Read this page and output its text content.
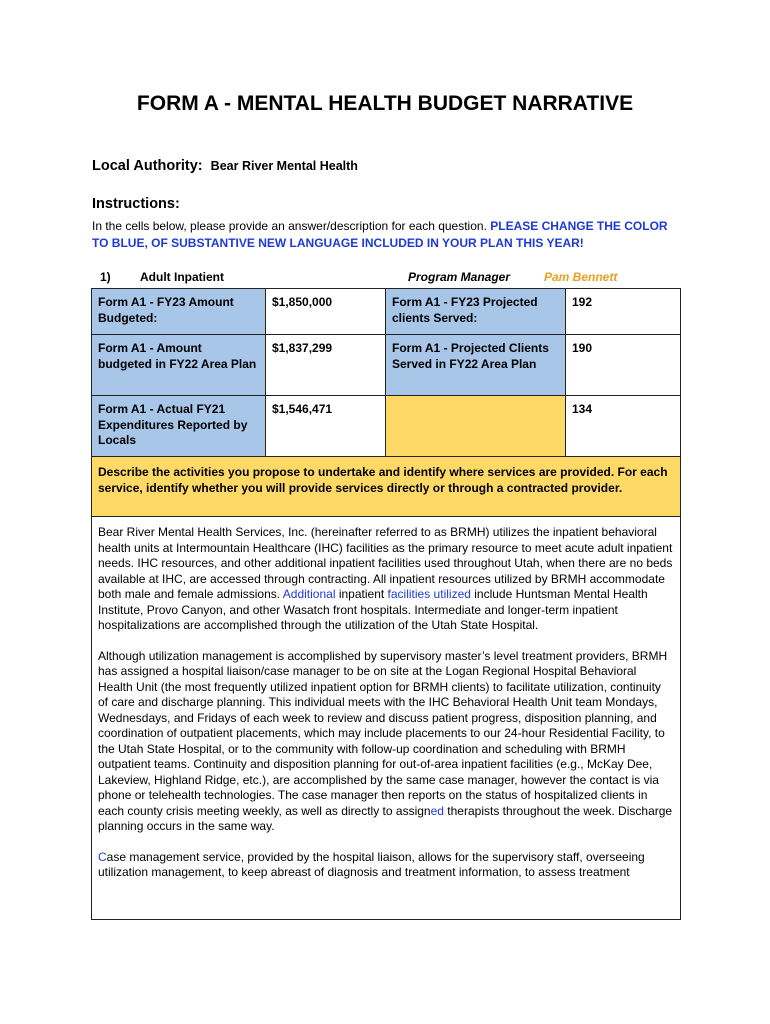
FORM A - MENTAL HEALTH BUDGET NARRATIVE
Local Authority: Bear River Mental Health
Instructions:
In the cells below, please provide an answer/description for each question. PLEASE CHANGE THE COLOR TO BLUE, OF SUBSTANTIVE NEW LANGUAGE INCLUDED IN YOUR PLAN THIS YEAR!
1) Adult Inpatient	Program Manager	Pam Bennett
Form A1 - FY23 Amount Budgeted:	$1,850,000	Form A1 - FY23 Projected clients Served:	192
Form A1 - Amount budgeted in FY22 Area Plan	$1,837,299	Form A1 - Projected Clients Served in FY22 Area Plan	190
Form A1 - Actual FY21 Expenditures Reported by Locals	$1,546,471		134
Describe the activities you propose to undertake and identify where services are provided. For each service, identify whether you will provide services directly or through a contracted provider.

Bear River Mental Health Services, Inc. (hereinafter referred to as BRMH) utilizes the inpatient behavioral health units at Intermountain Healthcare (IHC) facilities as the primary resource to meet acute adult inpatient needs. IHC resources, and other additional inpatient facilities used throughout Utah, when there are no beds available at IHC, are accessed through contracting. All inpatient resources utilized by BRMH accommodate both male and female admissions. Additional inpatient facilities utilized include Huntsman Mental Health Institute, Provo Canyon, and other Wasatch front hospitals. Intermediate and longer-term inpatient hospitalizations are accomplished through the utilization of the Utah State Hospital.

Although utilization management is accomplished by supervisory master’s level treatment providers, BRMH has assigned a hospital liaison/case manager to be on site at the Logan Regional Hospital Behavioral Health Unit (the most frequently utilized inpatient option for BRMH clients) to facilitate utilization, continuity of care and discharge planning. This individual meets with the IHC Behavioral Health Unit team Mondays, Wednesdays, and Fridays of each week to review and discuss patient progress, disposition planning, and coordination of outpatient placements, which may include placements to our 24-hour Residential Facility, to the Utah State Hospital, or to the community with follow-up coordination and scheduling with BRMH outpatient teams. Continuity and disposition planning for out-of-area inpatient facilities (e.g., McKay Dee, Lakeview, Highland Ridge, etc.), are accomplished by the same case manager, however the contact is via phone or telehealth technologies. The case manager then reports on the status of hospitalized clients in each county crisis meeting weekly, as well as directly to assigned therapists throughout the week. Discharge planning occurs in the same way.

Case management service, provided by the hospital liaison, allows for the supervisory staff, overseeing utilization management, to keep abreast of diagnosis and treatment information, to assess treatment
